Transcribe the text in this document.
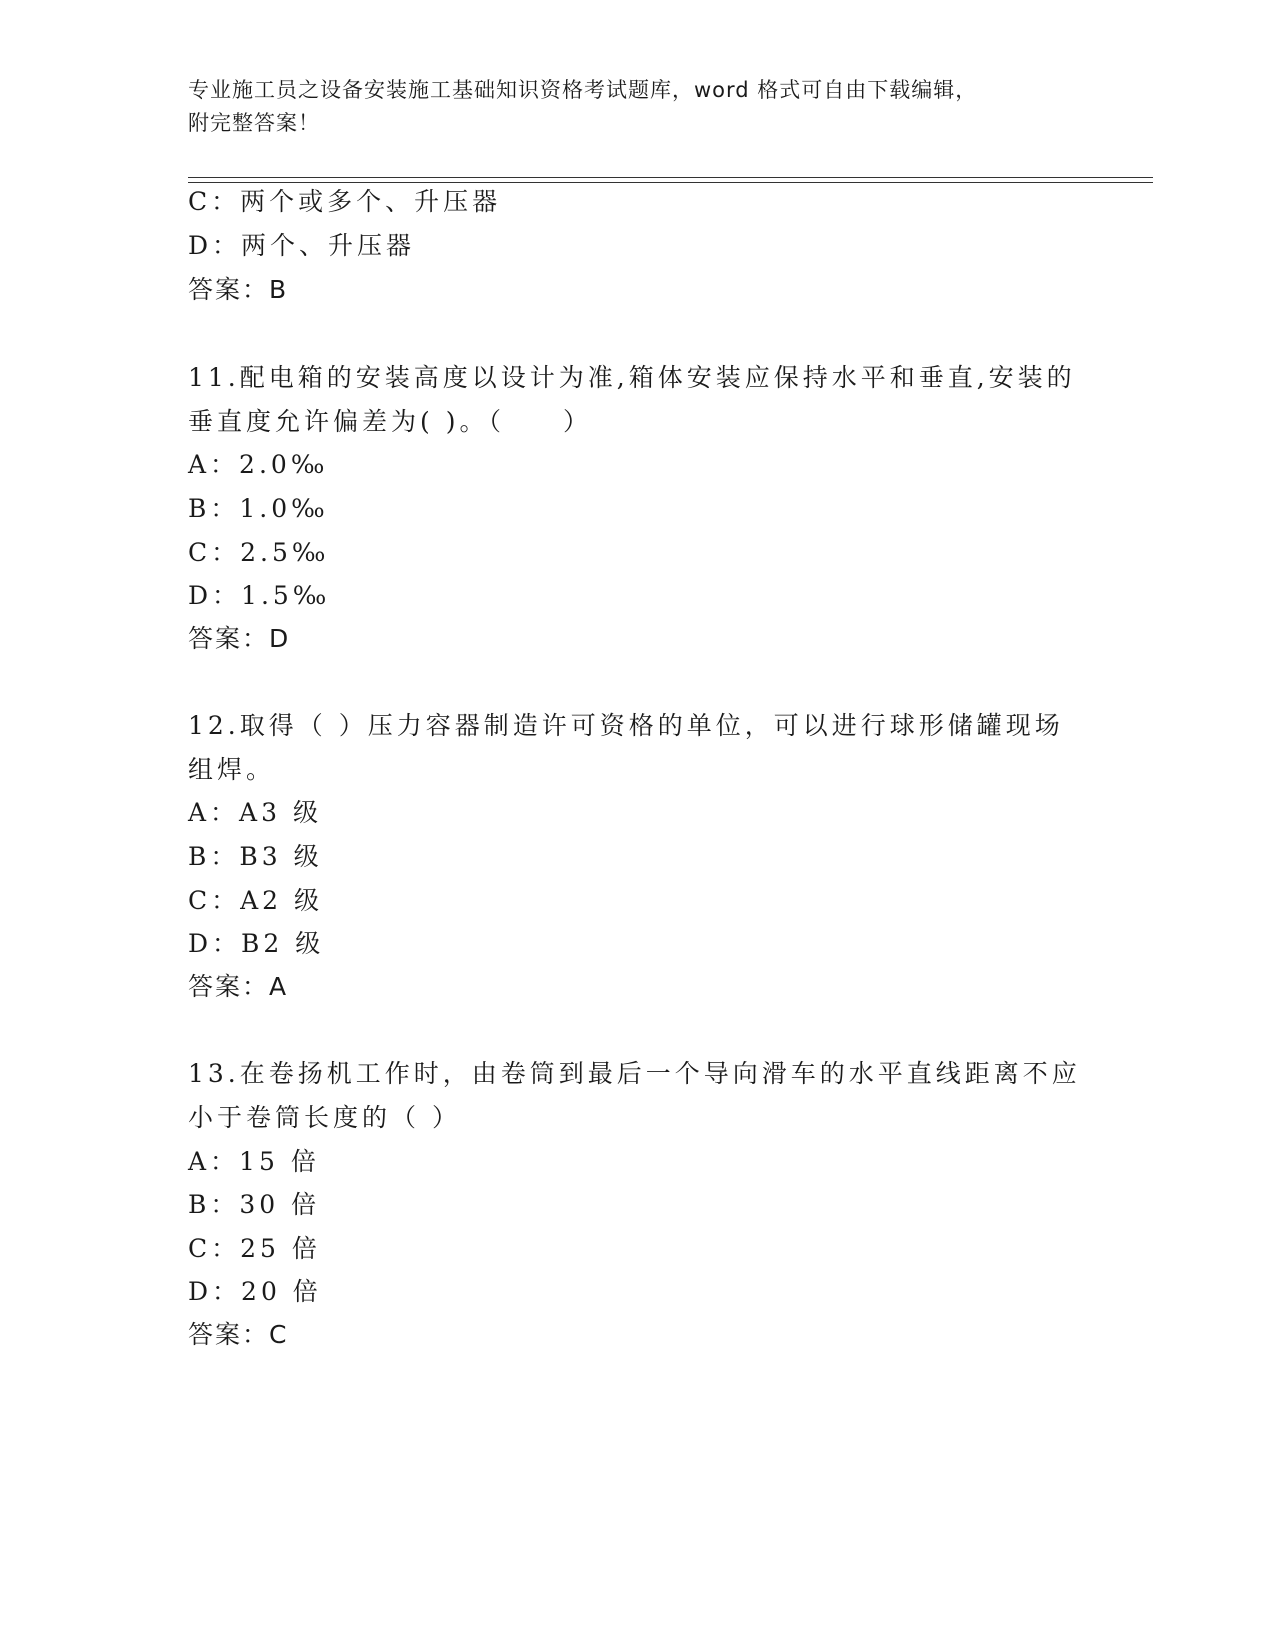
专业施工员之设备安装施工基础知识资格考试题库，word 格式可自由下载编辑，
附完整答案！
C：两个或多个、升压器
D：两个、升压器
答案：B
11.配电箱的安装高度以设计为准,箱体安装应保持水平和垂直,安装的
垂直度允许偏差为( )。（　　）
A：2.0‰
B：1.0‰
C：2.5‰
D：1.5‰
答案：D
12.取得（ ）压力容器制造许可资格的单位，可以进行球形储罐现场
组焊。
A：A3 级
B：B3 级
C：A2 级
D：B2 级
答案：A
13.在卷扬机工作时，由卷筒到最后一个导向滑车的水平直线距离不应
小于卷筒长度的（ ）
A：15 倍
B：30 倍
C：25 倍
D：20 倍
答案：C
